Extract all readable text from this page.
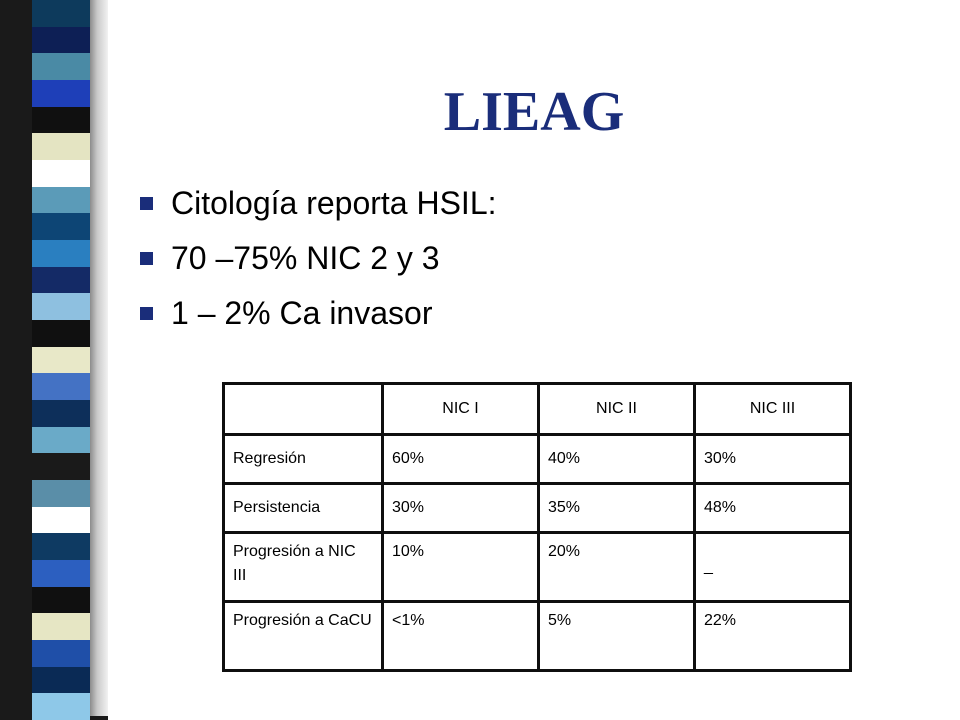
LIEAG
Citología reporta HSIL:
70 –75% NIC 2 y 3
1 – 2% Ca invasor
	NIC I	NIC II	NIC III
Regresión	60%	40%	30%
Persistencia	30%	35%	48%
Progresión a NIC III	10%	20%	_
Progresión a CaCU	<1%	5%	22%
